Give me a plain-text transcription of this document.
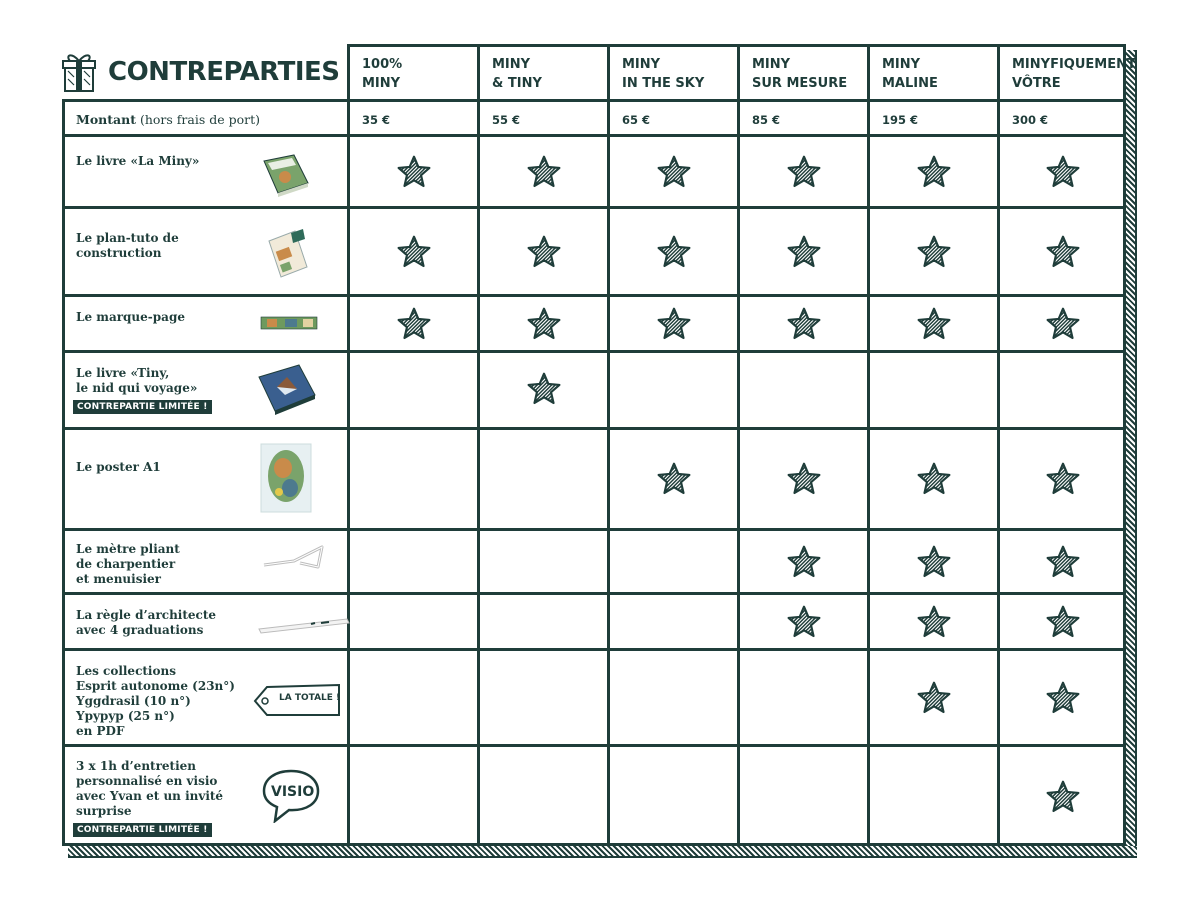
CONTREPARTIES	100%
MINY
35 €
MINY
& TINY
55 €
MINY
IN THE SKY
65 €
MINY
SUR MESURE
85 €
MINY
MALINE
195 €
MINYFIQUEMENT
VÔTRE
300 €
Montant (hors frais de port)
Le livre «La Miny»
Le plan-tuto de
construction
Le marque-page
Le livre «Tiny,
le nid qui voyage»
CONTREPARTIE LIMITÉE !
Le poster A1
Le mètre pliant
de charpentier
et menuisier
La règle d’architecte
avec 4 graduations
Les collections
Esprit autonome (23n°)
Yggdrasil (10 n°)
Ypypyp (25 n°)
en PDF
LA TOTALE !
3 x 1h d’entretien
personnalisé en visio
avec Yvan et un invité
surprise
VISIO
CONTREPARTIE LIMITÉE !
